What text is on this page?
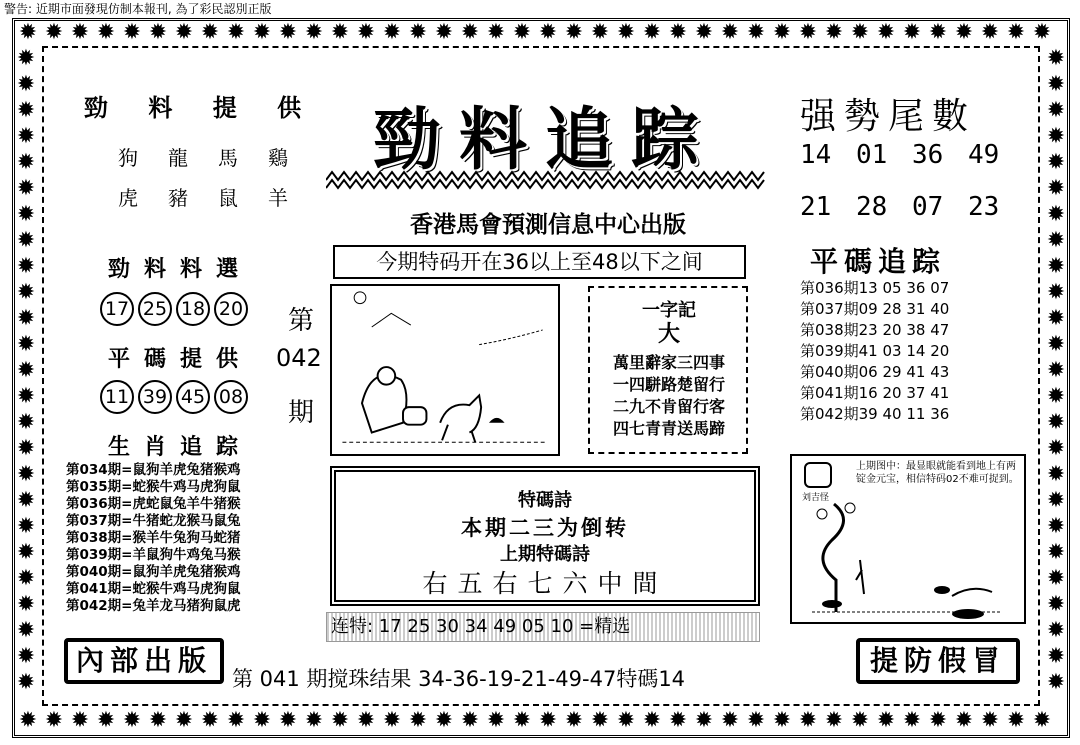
警告: 近期市面發現仿制本報刊, 為了彩民認別正版
✹
✹
✹
✹
✹
✹
✹
✹
✹
✹
✹
✹
✹
✹
✹
✹
✹
✹
✹
✹
✹
✹
✹
✹
✹
✹
✹
✹
✹
✹
✹
✹
✹
✹
✹
✹
✹
✹
✹
✹
✹
✹
✹
✹
✹
✹
✹
✹
✹
✹
✹
✹
✹
✹
✹
✹
✹
✹
✹
✹
✹
✹
✹
✹
✹
✹
✹
✹
✹
✹
✹
✹
✹
✹
✹
✹
✹
✹
✹
✹
✹	✹
✹	✹
✹	✹
✹	✹
✹	✹
✹	✹
✹	✹
✹	✹
✹	✹
✹	✹
✹	✹
✹	✹
✹	✹
✹	✹
✹	✹
✹	✹
✹	✹
✹	✹
✹	✹
✹	✹
✹	✹
✹	✹
✹	✹
✹	✹
✹	✹
勁 料 提 供
狗龍馬鷄
虎豬鼠羊
勁料料選
17 25 18 20
平碼提供
11 39 45 08
生肖追踪
第034期=鼠狗羊虎兔猪猴鸡
第035期=蛇猴牛鸡马虎狗鼠
第036期=虎蛇鼠兔羊牛猪猴
第037期=牛猪蛇龙猴马鼠兔
第038期=猴羊牛兔狗马蛇猪
第039期=羊鼠狗牛鸡兔马猴
第040期=鼠狗羊虎兔猪猴鸡
第041期=蛇猴牛鸡马虎狗鼠
第042期=兔羊龙马猪狗鼠虎
第
042
期
勁料追踪
香港馬會預測信息中心出版
今期特码开在36以上至48以下之间
一字記
大
萬里辭家三四事
一四駢路楚留行
二九不肯留行客
四七青青送馬蹄
特碼詩
本期二三为倒转
上期特碼詩
右五右七六中間
连特: 17 25 30 34 49 05 10 =精选
强勢尾數
14 01 36 49
21 28 07 23
平碼追踪
第036期13 05 36 07
第037期09 28 31 40
第038期23 20 38 47
第039期41 03 14 20
第040期06 29 41 43
第041期16 20 37 41
第042期39 40 11 36
刘吉怪
上期图中：最显眼就能看到地上有两锭金元宝，相信特码02不难可捉到。
內部出版
第 041 期搅珠结果 34-36-19-21-49-47特碼14
提防假冒
